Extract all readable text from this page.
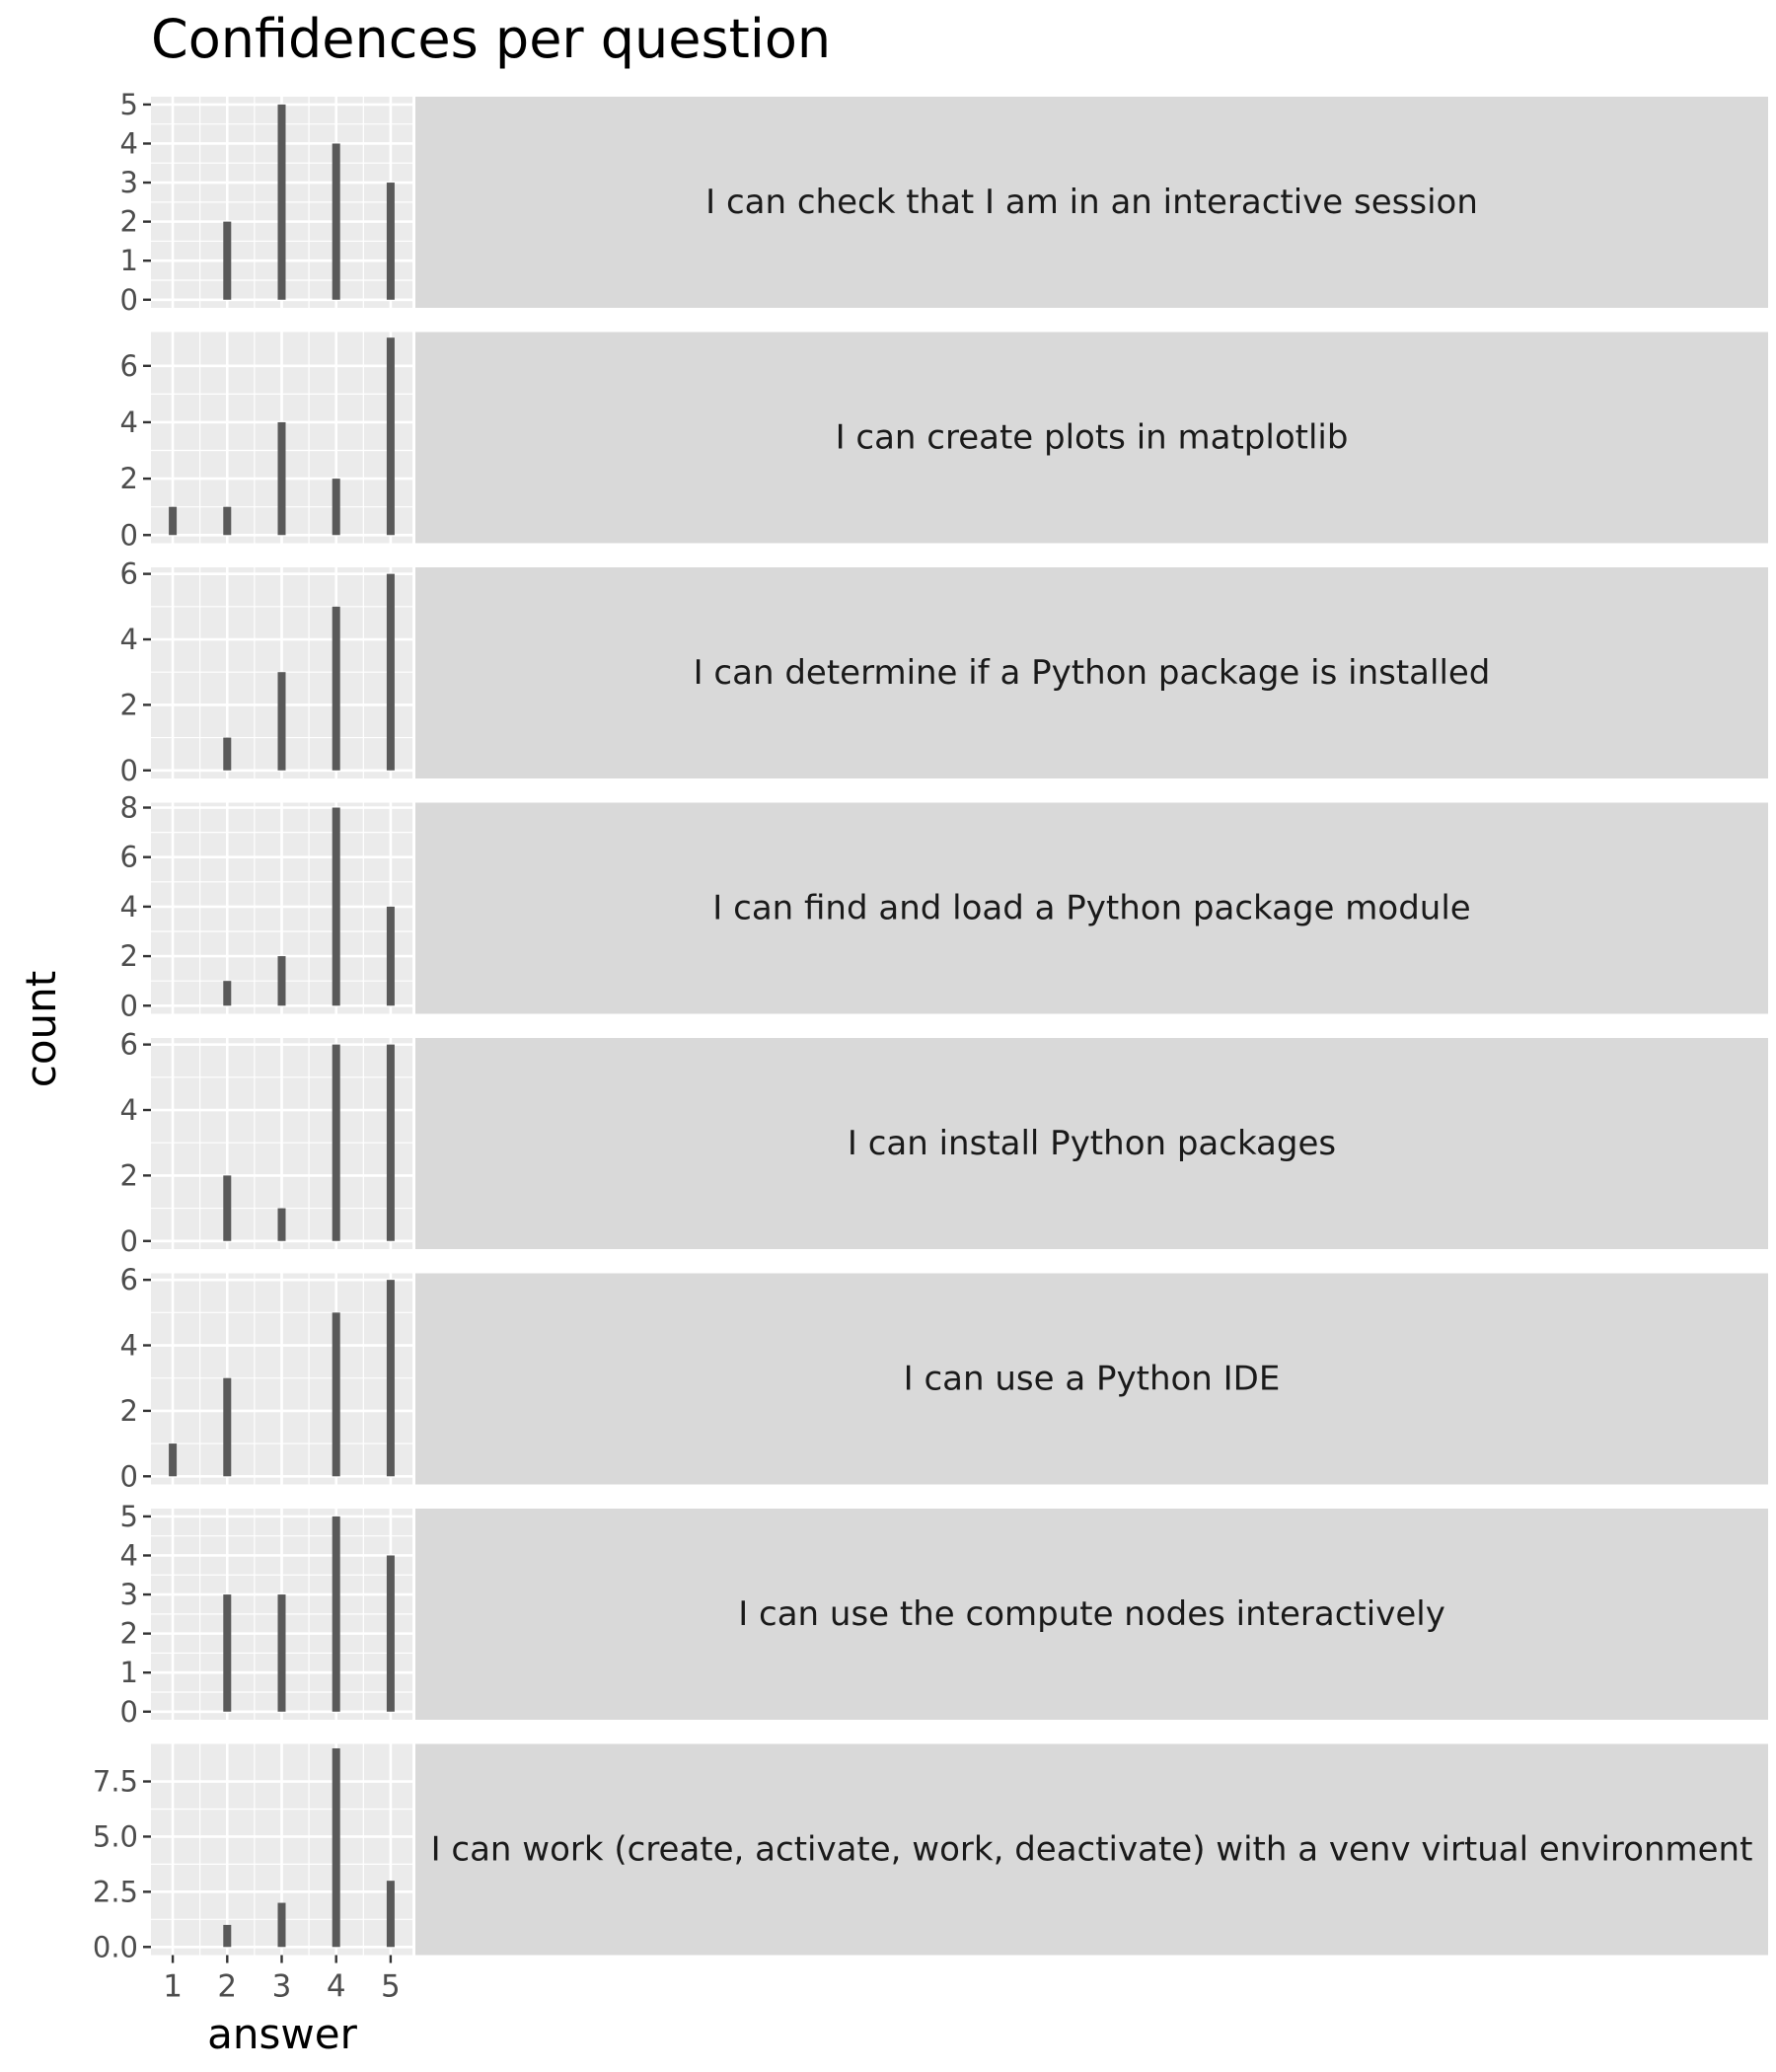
Confidences per question
count
answer
0
1
2
3
4
5
I can check that I am in an interactive session
0
2
4
6
I can create plots in matplotlib
0
2
4
6
I can determine if a Python package is installed
0
2
4
6
8
I can find and load a Python package module
0
2
4
6
I can install Python packages
0
2
4
6
I can use a Python IDE
0
1
2
3
4
5
I can use the compute nodes interactively
0.0
2.5
5.0
7.5
I can work (create, activate, work, deactivate) with a venv virtual environment
1 2 3 4 5
